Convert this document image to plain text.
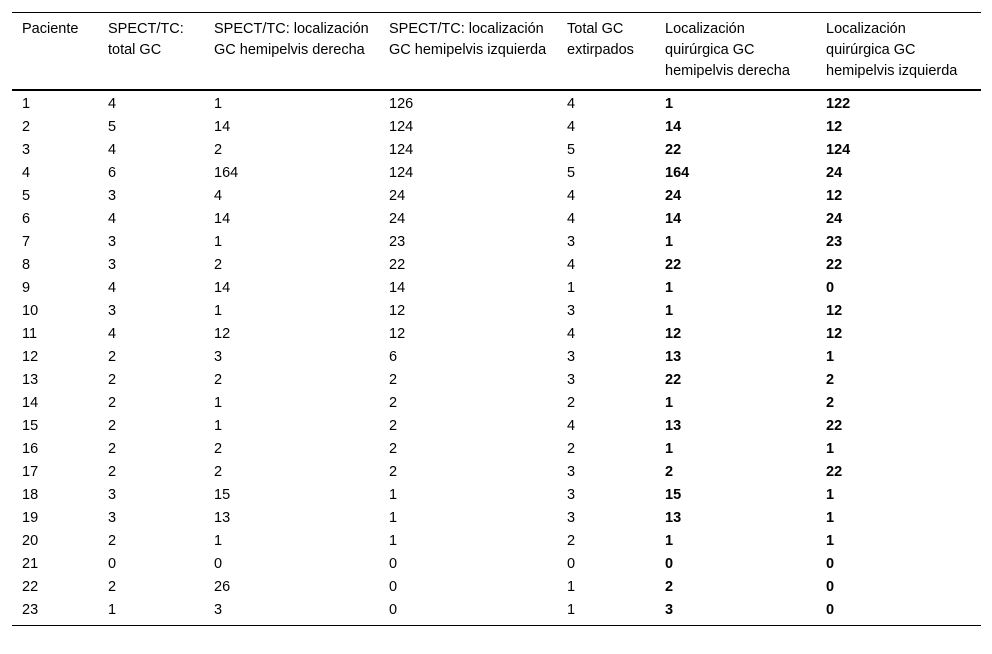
Paciente	SPECT/TC: total GC	SPECT/TC: localización GC hemipelvis derecha	SPECT/TC: localización GC hemipelvis izquierda	Total GC extirpados	Localización quirúrgica GC hemipelvis derecha	Localización quirúrgica GC hemipelvis izquierda
1	4	1	126	4	1	122
2	5	14	124	4	14	12
3	4	2	124	5	22	124
4	6	164	124	5	164	24
5	3	4	24	4	24	12
6	4	14	24	4	14	24
7	3	1	23	3	1	23
8	3	2	22	4	22	22
9	4	14	14	1	1	0
10	3	1	12	3	1	12
11	4	12	12	4	12	12
12	2	3	6	3	13	1
13	2	2	2	3	22	2
14	2	1	2	2	1	2
15	2	1	2	4	13	22
16	2	2	2	2	1	1
17	2	2	2	3	2	22
18	3	15	1	3	15	1
19	3	13	1	3	13	1
20	2	1	1	2	1	1
21	0	0	0	0	0	0
22	2	26	0	1	2	0
23	1	3	0	1	3	0
